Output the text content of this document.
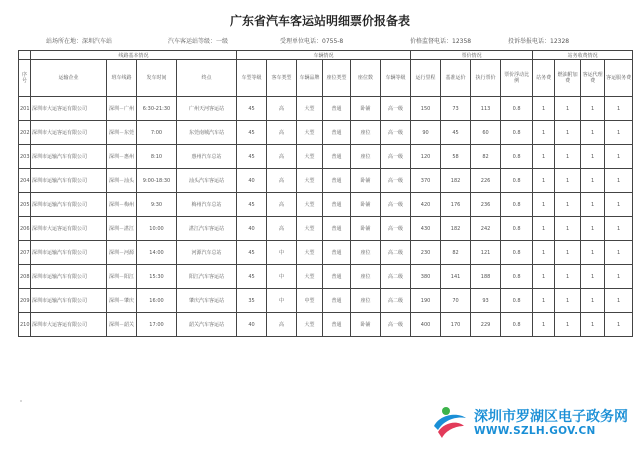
广东省汽车客运站明细票价报备表
站场所在地：深圳汽车站	汽车客运站等级：一级	受理单位电话：0755-8	价格监督电话：12358	投诉举报电话：12328
	线路基本情况				车辆情况						票价情况				站务收费情况			
序号	运输企业	班车线路	发车时间	终点	车型等级	客车类型	车辆品牌	座位类型	座位数	车辆等级	运行里程	基准运价	执行票价	票价浮动比例	站务费	燃油附加费	客运代理费	客运服务费
201	深圳市大运客运有限公司	深圳－广州	6:30-21:30	广州天河客运站	45	高	大型	普通	卧铺	高一级	150	73	113	0.8	1	1	1	1
202	深圳市大运客运有限公司	深圳－东莞	7:00	东莞南城汽车站	45	高	大型	普通	座位	高一级	90	45	60	0.8	1	1	1	1
203	深圳市运输汽车有限公司	深圳－惠州	8:10	惠州汽车总站	45	高	大型	普通	座位	高一级	120	58	82	0.8	1	1	1	1
204	深圳市运输汽车有限公司	深圳－汕头	9:00-18:30	汕头汽车客运站	40	高	大型	普通	卧铺	高一级	370	182	226	0.8	1	1	1	1
205	深圳市运输汽车有限公司	深圳－梅州	9:30	梅州汽车总站	45	高	大型	普通	卧铺	高一级	420	176	236	0.8	1	1	1	1
206	深圳市大运客运有限公司	深圳－湛江	10:00	湛江汽车客运站	40	高	大型	普通	卧铺	高一级	430	182	242	0.8	1	1	1	1
207	深圳市运输汽车有限公司	深圳－河源	14:00	河源汽车总站	45	中	大型	普通	座位	高二级	230	82	121	0.8	1	1	1	1
208	深圳市运输汽车有限公司	深圳－阳江	15:30	阳江汽车客运站	45	中	大型	普通	座位	高二级	380	141	188	0.8	1	1	1	1
209	深圳市运输汽车有限公司	深圳－肇庆	16:00	肇庆汽车客运站	35	中	中型	普通	座位	高二级	190	70	93	0.8	1	1	1	1
210	深圳市大运客运有限公司	深圳－韶关	17:00	韶关汽车客运站	40	高	大型	普通	卧铺	高一级	400	170	229	0.8	1	1	1	1
深圳市罗湖区电子政务网
WWW.SZLH.GOV.CN
